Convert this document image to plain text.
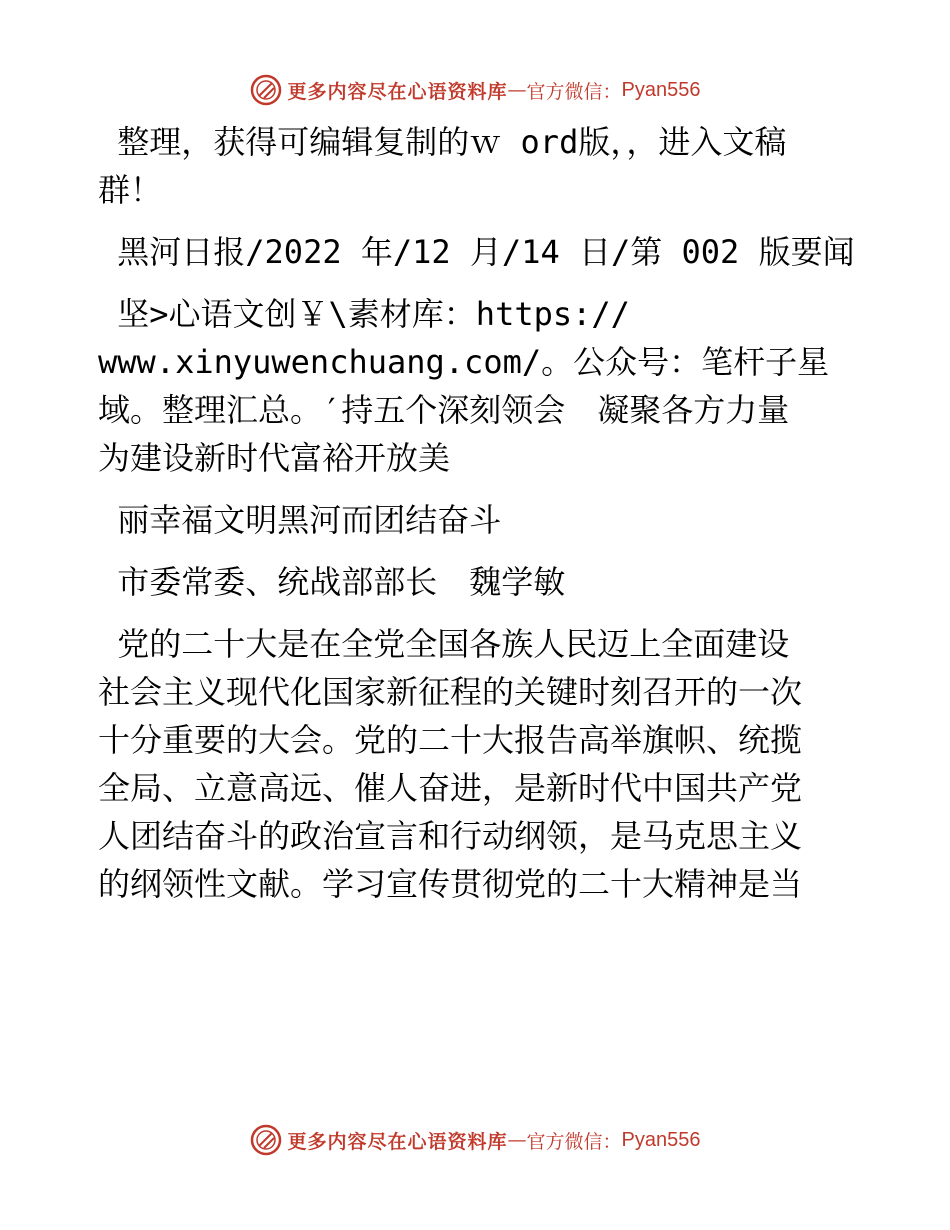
更多内容尽在心语资料库 — 官方微信： Pyan556
整理，获得可编辑复制的ｗ ord版，，进入文稿
群！
黑河日报/2022 年/12 月/14 日/第 002 版要闻
坚>心语文创￥\素材库：https://
www.xinyuwenchuang.com/。公众号：笔杆子星
域。整理汇总。′持五个深刻领会　凝聚各方力量
为建设新时代富裕开放美
丽幸福文明黑河而团结奋斗
市委常委、统战部部长　魏学敏
党的二十大是在全党全国各族人民迈上全面建设
社会主义现代化国家新征程的关键时刻召开的一次
十分重要的大会。党的二十大报告高举旗帜、统揽
全局、立意高远、催人奋进，是新时代中国共产党
人团结奋斗的政治宣言和行动纲领，是马克思主义
的纲领性文献。学习宣传贯彻党的二十大精神是当
更多内容尽在心语资料库 — 官方微信： Pyan556
